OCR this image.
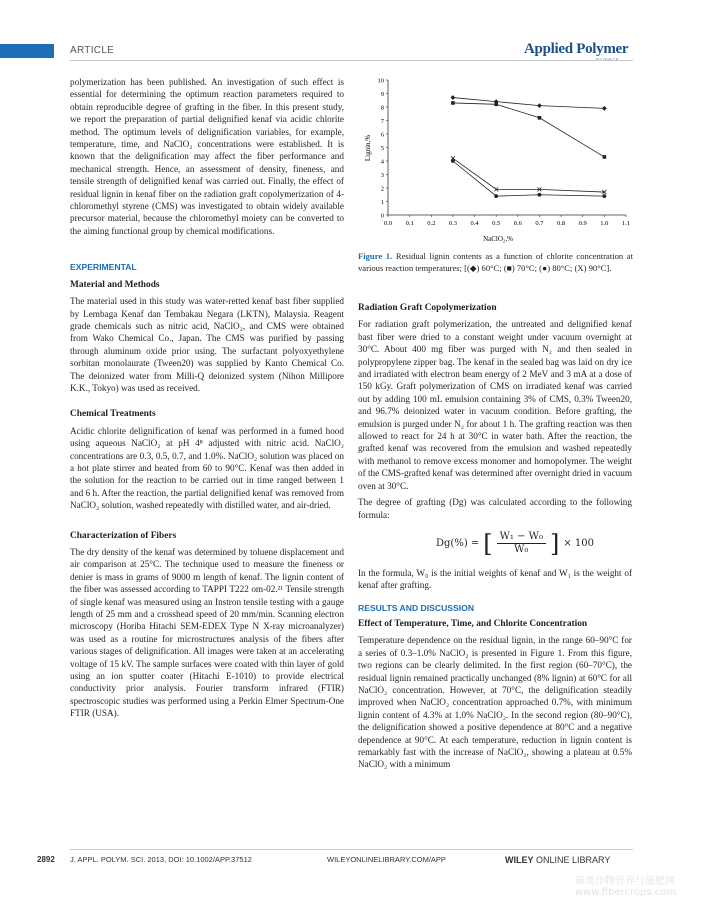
ARTICLE	Applied Polymer

polymerization has been published. An investigation of such effect is essential for determining the optimum reaction parameters required to obtain reproducible degree of grafting in the fiber. In this present study, we report the preparation of partial delignified kenaf via acidic chlorite method. The optimum levels of delignification variables, for example, temperature, time, and NaClO₂ concentrations were established. It is known that the delignification may affect the fiber performance and mechanical strength. Hence, an assessment of density, fineness, and tensile strength of delignified kenaf was carried out. Finally, the effect of residual lignin in kenaf fiber on the radiation graft copolymerization of 4-chloromethyl styrene (CMS) was investigated to obtain widely available precursor material, because the chloromethyl moiety can be converted to the aiming functional group by chemical modifications.

EXPERIMENTAL

Material and Methods

The material used in this study was water-retted kenaf bast fiber supplied by Lembaga Kenaf dan Tembakau Negara (LKTN), Malaysia. Reagent grade chemicals such as nitric acid, NaClO₂, and CMS were obtained from Wako Chemical Co., Japan. The CMS was purified by passing through aluminum oxide prior using. The surfactant polyoxyethylene sorbitan monolaurate (Tween20) was supplied by Kanto Chemical Co. The deionized water from Milli-Q deionized system (Nihon Millipore K.K., Tokyo) was used as received.

Chemical Treatments

Acidic chlorite delignification of kenaf was performed in a fumed hood using aqueous NaClO₂ at pH 4⁸ adjusted with nitric acid. NaClO₂ concentrations are 0.3, 0.5, 0.7, and 1.0%. NaClO₂ solution was placed on a hot plate stirrer and heated from 60 to 90°C. Kenaf was then added in the solution for the reaction to be carried out in time ranged between 1 and 6 h. After the reaction, the partial delignified kenaf was removed from NaClO₂ solution, washed repeatedly with distilled water, and air-dried.

Characterization of Fibers

The dry density of the kenaf was determined by toluene displacement and air comparison at 25°C. The technique used to measure the fineness or denier is mass in grams of 9000 m length of kenaf. The lignin content of the fiber was assessed according to TAPPI T222 om-02.²¹ Tensile strength of single kenaf was measured using an Instron tensile testing with a gauge length of 25 mm and a crosshead speed of 20 mm/min. Scanning electron microscopy (Horiba Hitachi SEM-EDEX Type N X-ray microanalyzer) was used as a routine for microstructures analysis of the fibers after various stages of delignification. All images were taken at an accelerating voltage of 15 kV. The sample surfaces were coated with thin layer of gold using an ion sputter coater (Hitachi E-1010) to provide electrical conductivity prior analysis. Fourier transform infrared (FTIR) spectroscopic studies was performed using a Perkin Elmer Spectrum-One FTIR (USA).

Lignin,%
NaClO₂,%
0
1
2
3
4
5
6
7
8
9
10
0.0 0.1 0.2 0.3 0.4 0.5 0.6 0.7 0.8 0.9 1.0 1.1
Figure 1. Residual lignin contents as a function of chlorite concentration at various reaction temperatures; [(◆) 60°C; (■) 70°C; (●) 80°C; (X) 90°C].

Radiation Graft Copolymerization

For radiation graft polymerization, the untreated and delignified kenaf bast fiber were dried to a constant weight under vacuum overnight at 30°C. About 400 mg fiber was purged with N₂ and then sealed in polypropylene zipper bag. The kenaf in the sealed bag was laid on dry ice and irradiated with electron beam energy of 2 MeV and 3 mA at a dose of 150 kGy. Graft polymerization of CMS on irradiated kenaf was carried out by adding 100 mL emulsion containing 3% of CMS, 0.3% Tween20, and 96.7% deionized water in vacuum condition. Before grafting, the emulsion is purged under N₂ for about 1 h. The grafting reaction was then allowed to react for 24 h at 30°C in water bath. After the reaction, the grafted kenaf was recovered from the emulsion and washed repeatedly with methanol to remove excess monomer and homopolymer. The weight of the CMS-grafted kenaf was determined after overnight dried in vacuum oven at 30°C.

The degree of grafting (Dg) was calculated according to the following formula:

Dg(%) = [ $\frac{\text{W₁ − W₀}}{\text{W₀}}$ ] × 100

In the formula, W₀ is the initial weights of kenaf and W₁ is the weight of kenaf after grafting.

RESULTS AND DISCUSSION

Effect of Temperature, Time, and Chlorite Concentration

Temperature dependence on the residual lignin, in the range 60–90°C for a series of 0.3–1.0% NaClO₂ is presented in Figure 1. From this figure, two regions can be clearly delimited. In the first region (60–70°C), the residual lignin remained practically unchanged (8% lignin) at 60°C for all NaClO₂ concentration. However, at 70°C, the delignification steadily improved when NaClO₂ concentration approached 0.7%, with minimum lignin content of 4.3% at 1.0% NaClO₂. In the second region (80–90°C), the delignification showed a positive dependence at 80°C and a negative dependence at 90°C. At each temperature, reduction in lignin content is remarkably fast with the increase of NaClO₂, showing a plateau at 0.5% NaClO₂ with a minimum

2892 J. APPL. POLYM. SCI. 2013, DOI: 10.1002/APP.37512	WILEYONLINELIBRARY.COM/APP	WILEY ONLINE LIBRARY
麻类作物营养与施肥网 www.fibercrops.com
